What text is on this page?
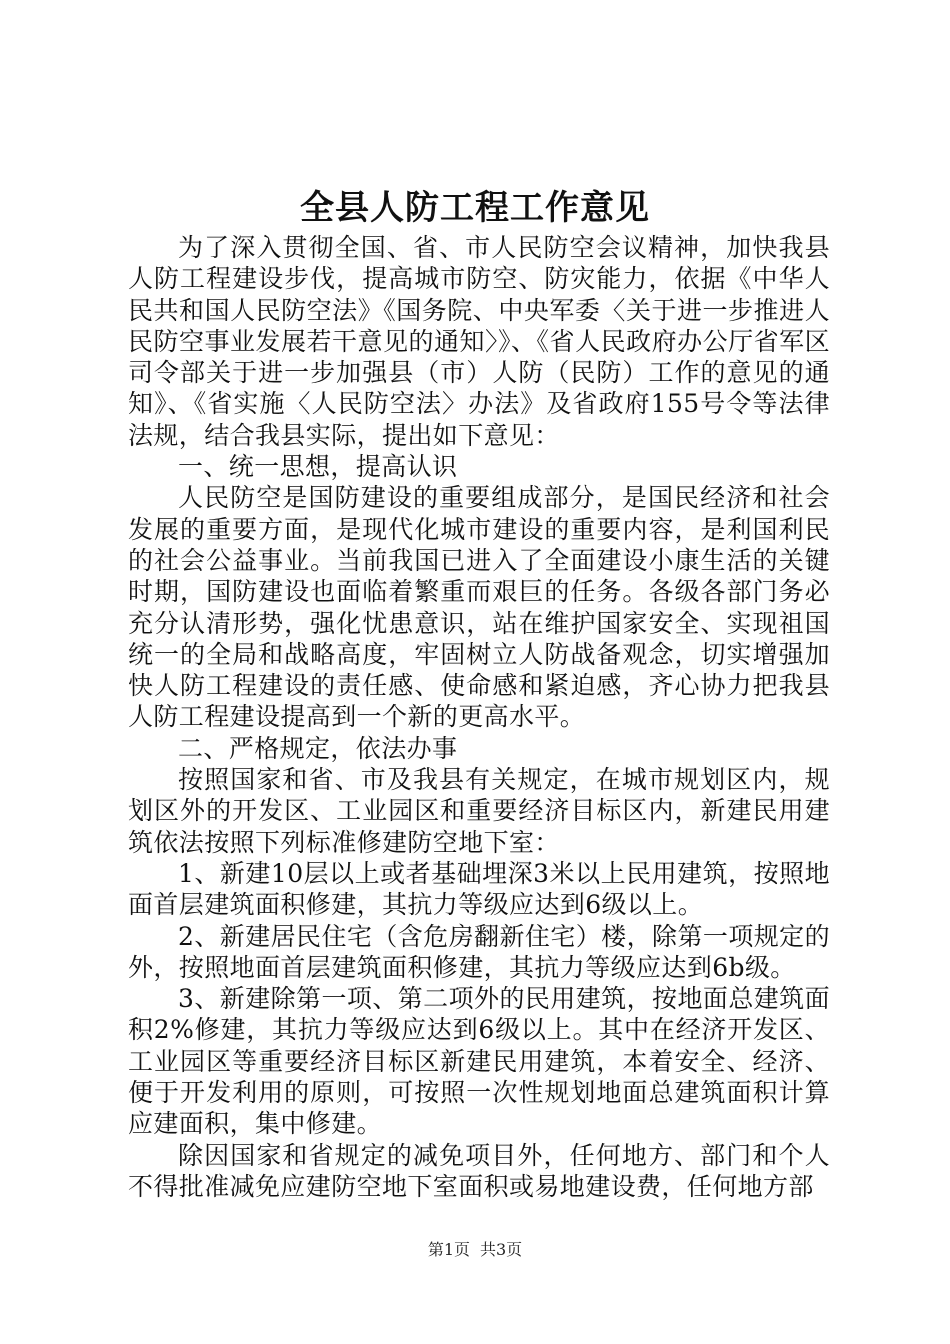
全县人防工程工作意见

为了深入贯彻全国、省、市人民防空会议精神，加快我县人防工程建设步伐，提高城市防空、防灾能力，依据《中华人民共和国人民防空法》《国务院、中央军委〈关于进一步推进人民防空事业发展若干意见的通知〉》、《省人民政府办公厅省军区司令部关于进一步加强县（市）人防（民防）工作的意见的通知》、《省实施〈人民防空法〉办法》及省政府155号令等法律法规，结合我县实际，提出如下意见：

一、统一思想，提高认识

人民防空是国防建设的重要组成部分，是国民经济和社会发展的重要方面，是现代化城市建设的重要内容，是利国利民的社会公益事业。当前我国已进入了全面建设小康生活的关键时期，国防建设也面临着繁重而艰巨的任务。各级各部门务必充分认清形势，强化忧患意识，站在维护国家安全、实现祖国统一的全局和战略高度，牢固树立人防战备观念，切实增强加快人防工程建设的责任感、使命感和紧迫感，齐心协力把我县人防工程建设提高到一个新的更高水平。

二、严格规定，依法办事

按照国家和省、市及我县有关规定，在城市规划区内，规划区外的开发区、工业园区和重要经济目标区内，新建民用建筑依法按照下列标准修建防空地下室：

1、新建10层以上或者基础埋深3米以上民用建筑，按照地面首层建筑面积修建，其抗力等级应达到6级以上。

2、新建居民住宅（含危房翻新住宅）楼，除第一项规定的外，按照地面首层建筑面积修建，其抗力等级应达到6b级。

3、新建除第一项、第二项外的民用建筑，按地面总建筑面积2%修建，其抗力等级应达到6级以上。其中在经济开发区、工业园区等重要经济目标区新建民用建筑，本着安全、经济、便于开发利用的原则，可按照一次性规划地面总建筑面积计算应建面积，集中修建。

除因国家和省规定的减免项目外，任何地方、部门和个人不得批准减免应建防空地下室面积或易地建设费，任何地方部

第1页 共3页
